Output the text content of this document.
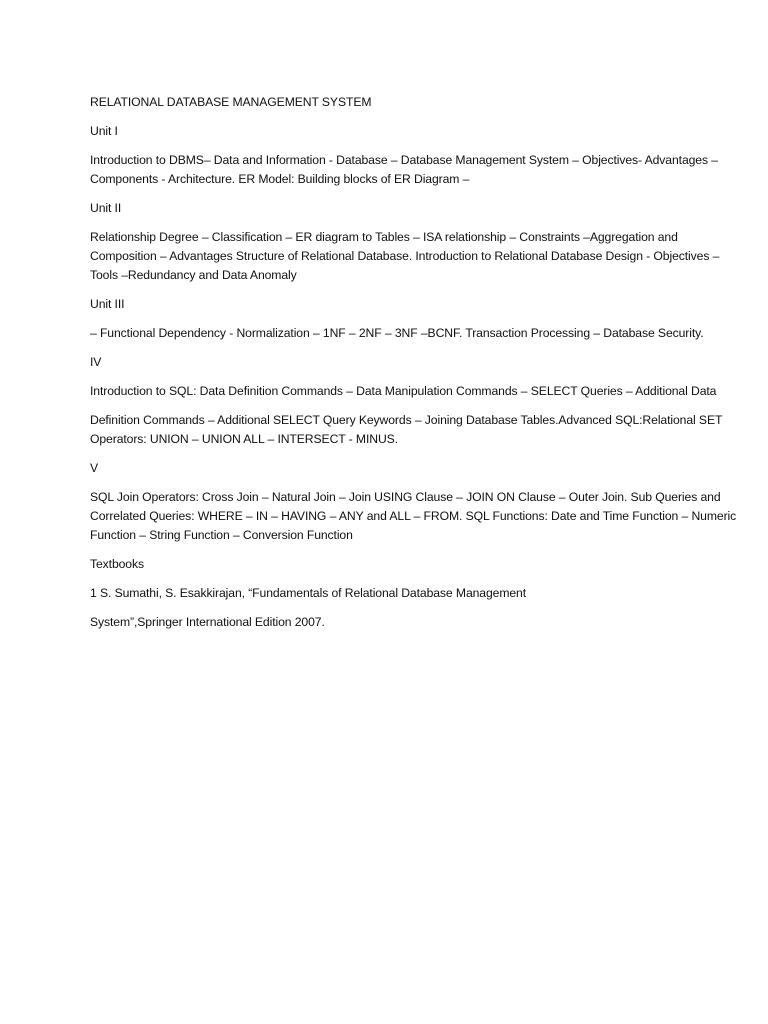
RELATIONAL DATABASE MANAGEMENT SYSTEM

Unit I

Introduction to DBMS– Data and Information - Database – Database Management System – Objectives- Advantages –
Components - Architecture. ER Model: Building blocks of ER Diagram –

Unit II

Relationship Degree – Classification – ER diagram to Tables – ISA relationship – Constraints –Aggregation and
Composition – Advantages Structure of Relational Database. Introduction to Relational Database Design - Objectives –
Tools –Redundancy and Data Anomaly

Unit III

– Functional Dependency - Normalization – 1NF – 2NF – 3NF –BCNF. Transaction Processing – Database Security.

IV

Introduction to SQL: Data Definition Commands – Data Manipulation Commands – SELECT Queries – Additional Data

Definition Commands – Additional SELECT Query Keywords – Joining Database Tables.Advanced SQL:Relational SET
Operators: UNION – UNION ALL – INTERSECT - MINUS.

V

SQL Join Operators: Cross Join – Natural Join – Join USING Clause – JOIN ON Clause – Outer Join. Sub Queries and
Correlated Queries: WHERE – IN – HAVING – ANY and ALL – FROM. SQL Functions: Date and Time Function – Numeric
Function – String Function – Conversion Function

Textbooks

1 S. Sumathi, S. Esakkirajan, “Fundamentals of Relational Database Management

System”,Springer International Edition 2007.
